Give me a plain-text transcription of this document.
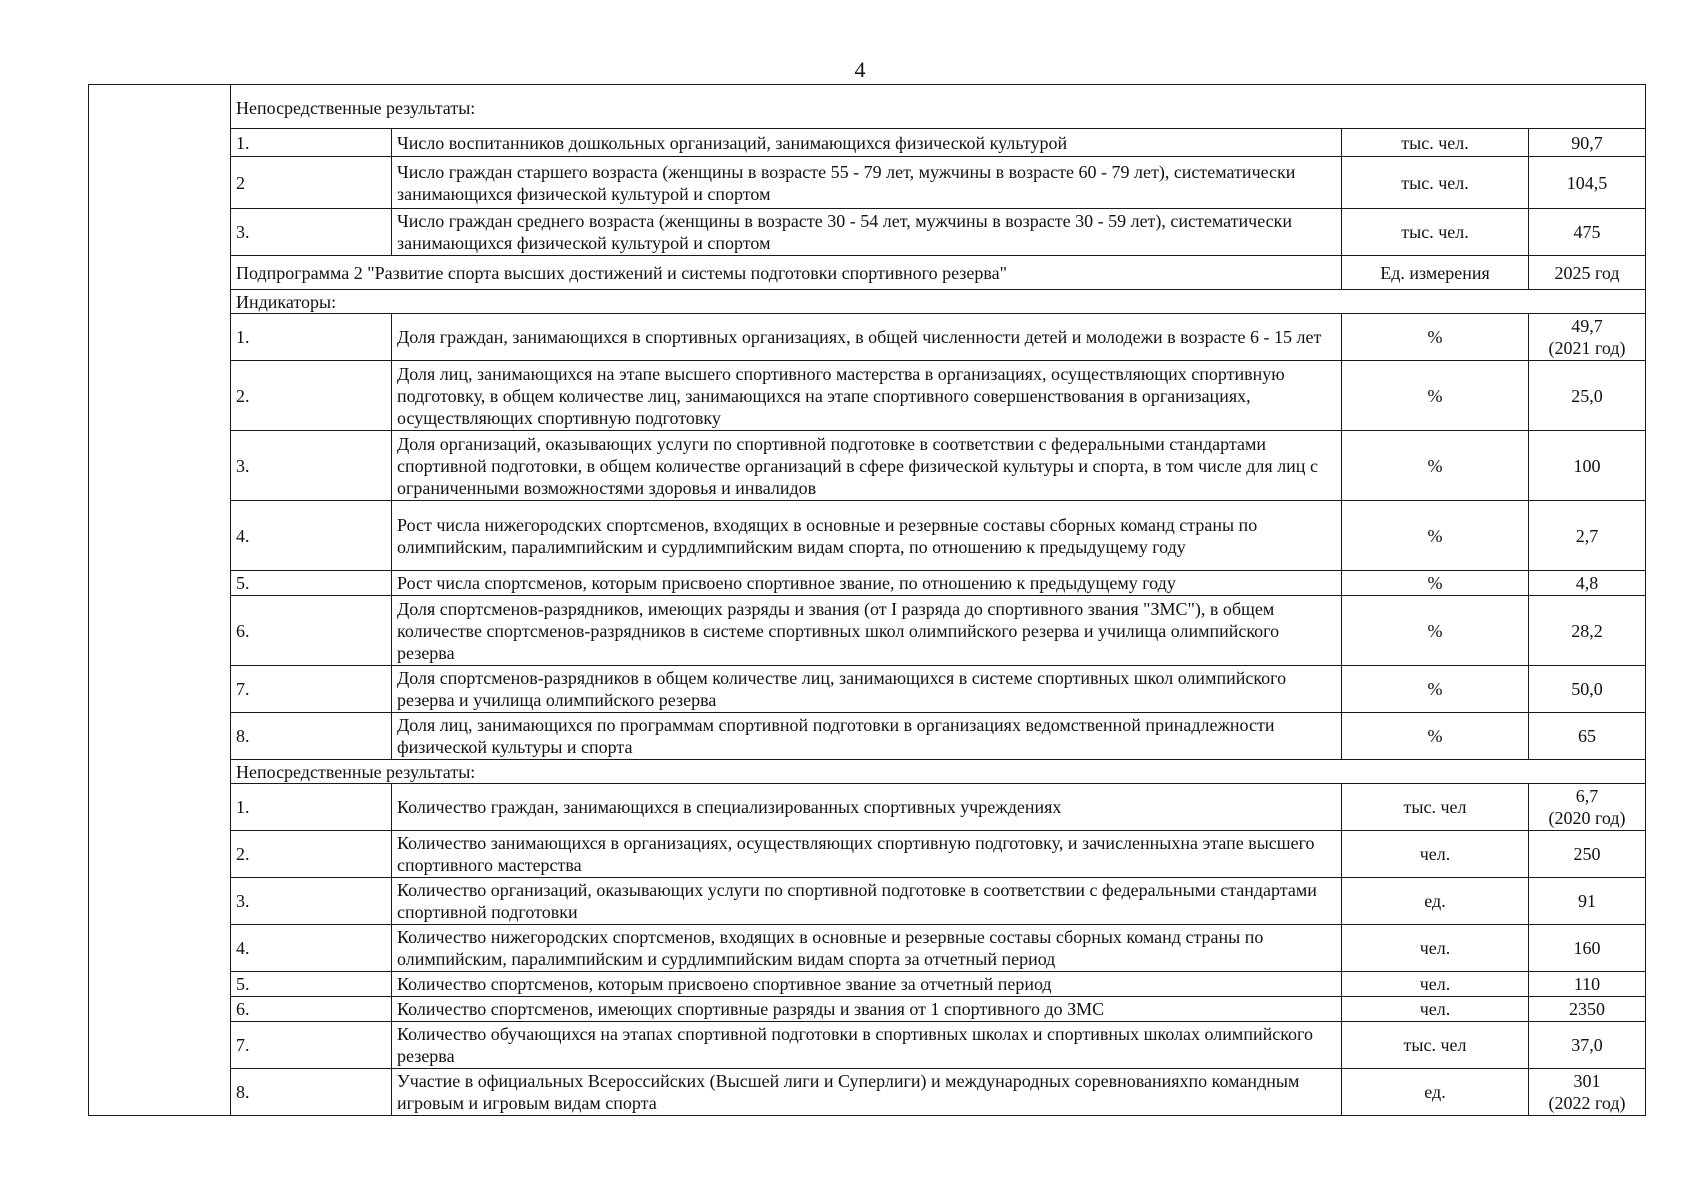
4
	Непосредственные результаты:			
	1.	Число воспитанников дошкольных организаций, занимающихся физической культурой	тыс. чел.	90,7

	2	Число граждан старшего возраста (женщины в возрасте 55 - 79 лет, мужчины в возрасте 60 - 79 лет), систематически занимающихся физической культурой и спортом	тыс. чел.	104,5

	3.	Число граждан среднего возраста (женщины в возрасте 30 - 54 лет, мужчины в возрасте 30 - 59 лет), систематически занимающихся физической культурой и спортом	тыс. чел.	475

	Подпрограмма 2 "Развитие спорта высших достижений и системы подготовки спортивного резерва"		Ед. измерения	2025 год
	Индикаторы:			
	1.	Доля граждан, занимающихся в спортивных организациях, в общей численности детей и молодежи в возрасте 6 - 15 лет	%	49,7
(2021 год)

	2.	Доля лиц, занимающихся на этапе высшего спортивного мастерства в организациях, осуществляющих спортивную подготовку, в общем количестве лиц, занимающихся на этапе спортивного совершенствования в организациях, осуществляющих спортивную подготовку	%	25,0

	3.	Доля организаций, оказывающих услуги по спортивной подготовке в соответствии с федеральными стандартами спортивной подготовки, в общем количестве организаций в сфере физической культуры и спорта, в том числе для лиц с ограниченными возможностями здоровья и инвалидов	%	100

	4.	Рост числа нижегородских спортсменов, входящих в основные и резервные составы сборных команд страны по олимпийским, паралимпийским и сурдлимпийским видам спорта, по отношению к предыдущему году	%	2,7

	5.	Рост числа спортсменов, которым присвоено спортивное звание, по отношению к предыдущему году	%	4,8

	6.	Доля спортсменов-разрядников, имеющих разряды и звания (от I разряда до спортивного звания "ЗМС"), в общем количестве спортсменов-разрядников в системе спортивных школ олимпийского резерва и училища олимпийского резерва	%	28,2

	7.	Доля спортсменов-разрядников в общем количестве лиц, занимающихся в системе спортивных школ олимпийского резерва и училища олимпийского резерва	%	50,0

	8.	Доля лиц, занимающихся по программам спортивной подготовки в организациях ведомственной принадлежности физической культуры и спорта	%	65

	Непосредственные результаты:			
	1.	Количество граждан, занимающихся в специализированных спортивных учреждениях	тыс. чел	6,7
(2020 год)

	2.	Количество занимающихся в организациях, осуществляющих спортивную подготовку, и зачисленныхна этапе высшего спортивного мастерства	чел.	250

	3.	Количество организаций, оказывающих услуги по спортивной подготовке в соответствии с федеральными стандартами спортивной подготовки	ед.	91

	4.	Количество нижегородских спортсменов, входящих в основные и резервные составы сборных команд страны по олимпийским, паралимпийским и сурдлимпийским видам спорта за отчетный период	чел.	160

	5.	Количество спортсменов, которым присвоено спортивное звание за отчетный период	чел.	110

	6.	Количество спортсменов, имеющих спортивные разряды и звания от 1 спортивного до ЗМС	чел.	2350

	7.	Количество обучающихся на этапах спортивной подготовки в спортивных школах и спортивных школах олимпийского резерва	тыс. чел	37,0

	8.	Участие в официальных Всероссийских (Высшей лиги и Суперлиги) и международных соревнованияхпо командным игровым и игровым видам спорта	ед.	301
(2022 год)
